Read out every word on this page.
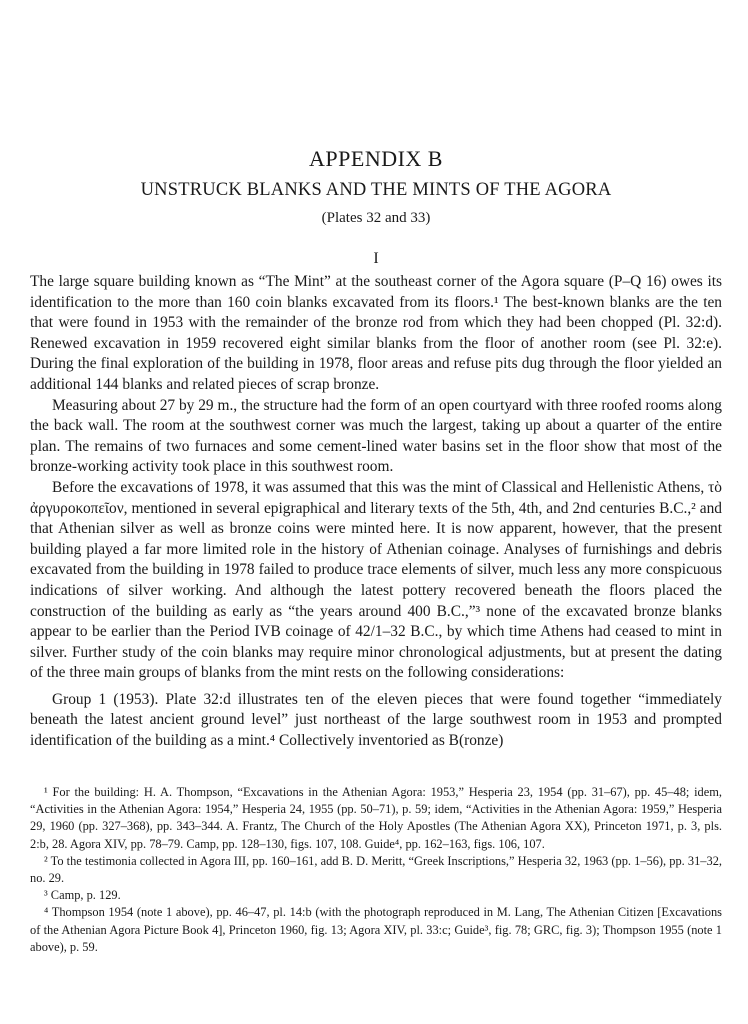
APPENDIX B
UNSTRUCK BLANKS AND THE MINTS OF THE AGORA
(Plates 32 and 33)
I

The large square building known as “The Mint” at the southeast corner of the Agora square (P–Q 16) owes its identification to the more than 160 coin blanks excavated from its floors.¹ The best-known blanks are the ten that were found in 1953 with the remainder of the bronze rod from which they had been chopped (Pl. 32:d). Renewed excavation in 1959 recovered eight similar blanks from the floor of another room (see Pl. 32:e). During the final exploration of the building in 1978, floor areas and refuse pits dug through the floor yielded an additional 144 blanks and related pieces of scrap bronze.

Measuring about 27 by 29 m., the structure had the form of an open courtyard with three roofed rooms along the back wall. The room at the southwest corner was much the largest, taking up about a quarter of the entire plan. The remains of two furnaces and some cement-lined water basins set in the floor show that most of the bronze-working activity took place in this southwest room.

Before the excavations of 1978, it was assumed that this was the mint of Classical and Hellenistic Athens, τὸ ἀργυροκοπεῖον, mentioned in several epigraphical and literary texts of the 5th, 4th, and 2nd centuries B.C.,² and that Athenian silver as well as bronze coins were minted here. It is now apparent, however, that the present building played a far more limited role in the history of Athenian coinage. Analyses of furnishings and debris excavated from the building in 1978 failed to produce trace elements of silver, much less any more conspicuous indications of silver working. And although the latest pottery recovered beneath the floors placed the construction of the building as early as “the years around 400 B.C.,”³ none of the excavated bronze blanks appear to be earlier than the Period IVB coinage of 42/1–32 B.C., by which time Athens had ceased to mint in silver. Further study of the coin blanks may require minor chronological adjustments, but at present the dating of the three main groups of blanks from the mint rests on the following considerations:

Group 1 (1953). Plate 32:d illustrates ten of the eleven pieces that were found together “immediately beneath the latest ancient ground level” just northeast of the large southwest room in 1953 and prompted identification of the building as a mint.⁴ Collectively inventoried as B(ronze)

¹ For the building: H. A. Thompson, “Excavations in the Athenian Agora: 1953,” Hesperia 23, 1954 (pp. 31–67), pp. 45–48; idem, “Activities in the Athenian Agora: 1954,” Hesperia 24, 1955 (pp. 50–71), p. 59; idem, “Activities in the Athenian Agora: 1959,” Hesperia 29, 1960 (pp. 327–368), pp. 343–344. A. Frantz, The Church of the Holy Apostles (The Athenian Agora XX), Princeton 1971, p. 3, pls. 2:b, 28. Agora XIV, pp. 78–79. Camp, pp. 128–130, figs. 107, 108. Guide⁴, pp. 162–163, figs. 106, 107.

² To the testimonia collected in Agora III, pp. 160–161, add B. D. Meritt, “Greek Inscriptions,” Hesperia 32, 1963 (pp. 1–56), pp. 31–32, no. 29.

³ Camp, p. 129.

⁴ Thompson 1954 (note 1 above), pp. 46–47, pl. 14:b (with the photograph reproduced in M. Lang, The Athenian Citizen [Excavations of the Athenian Agora Picture Book 4], Princeton 1960, fig. 13; Agora XIV, pl. 33:c; Guide³, fig. 78; GRC, fig. 3); Thompson 1955 (note 1 above), p. 59.
